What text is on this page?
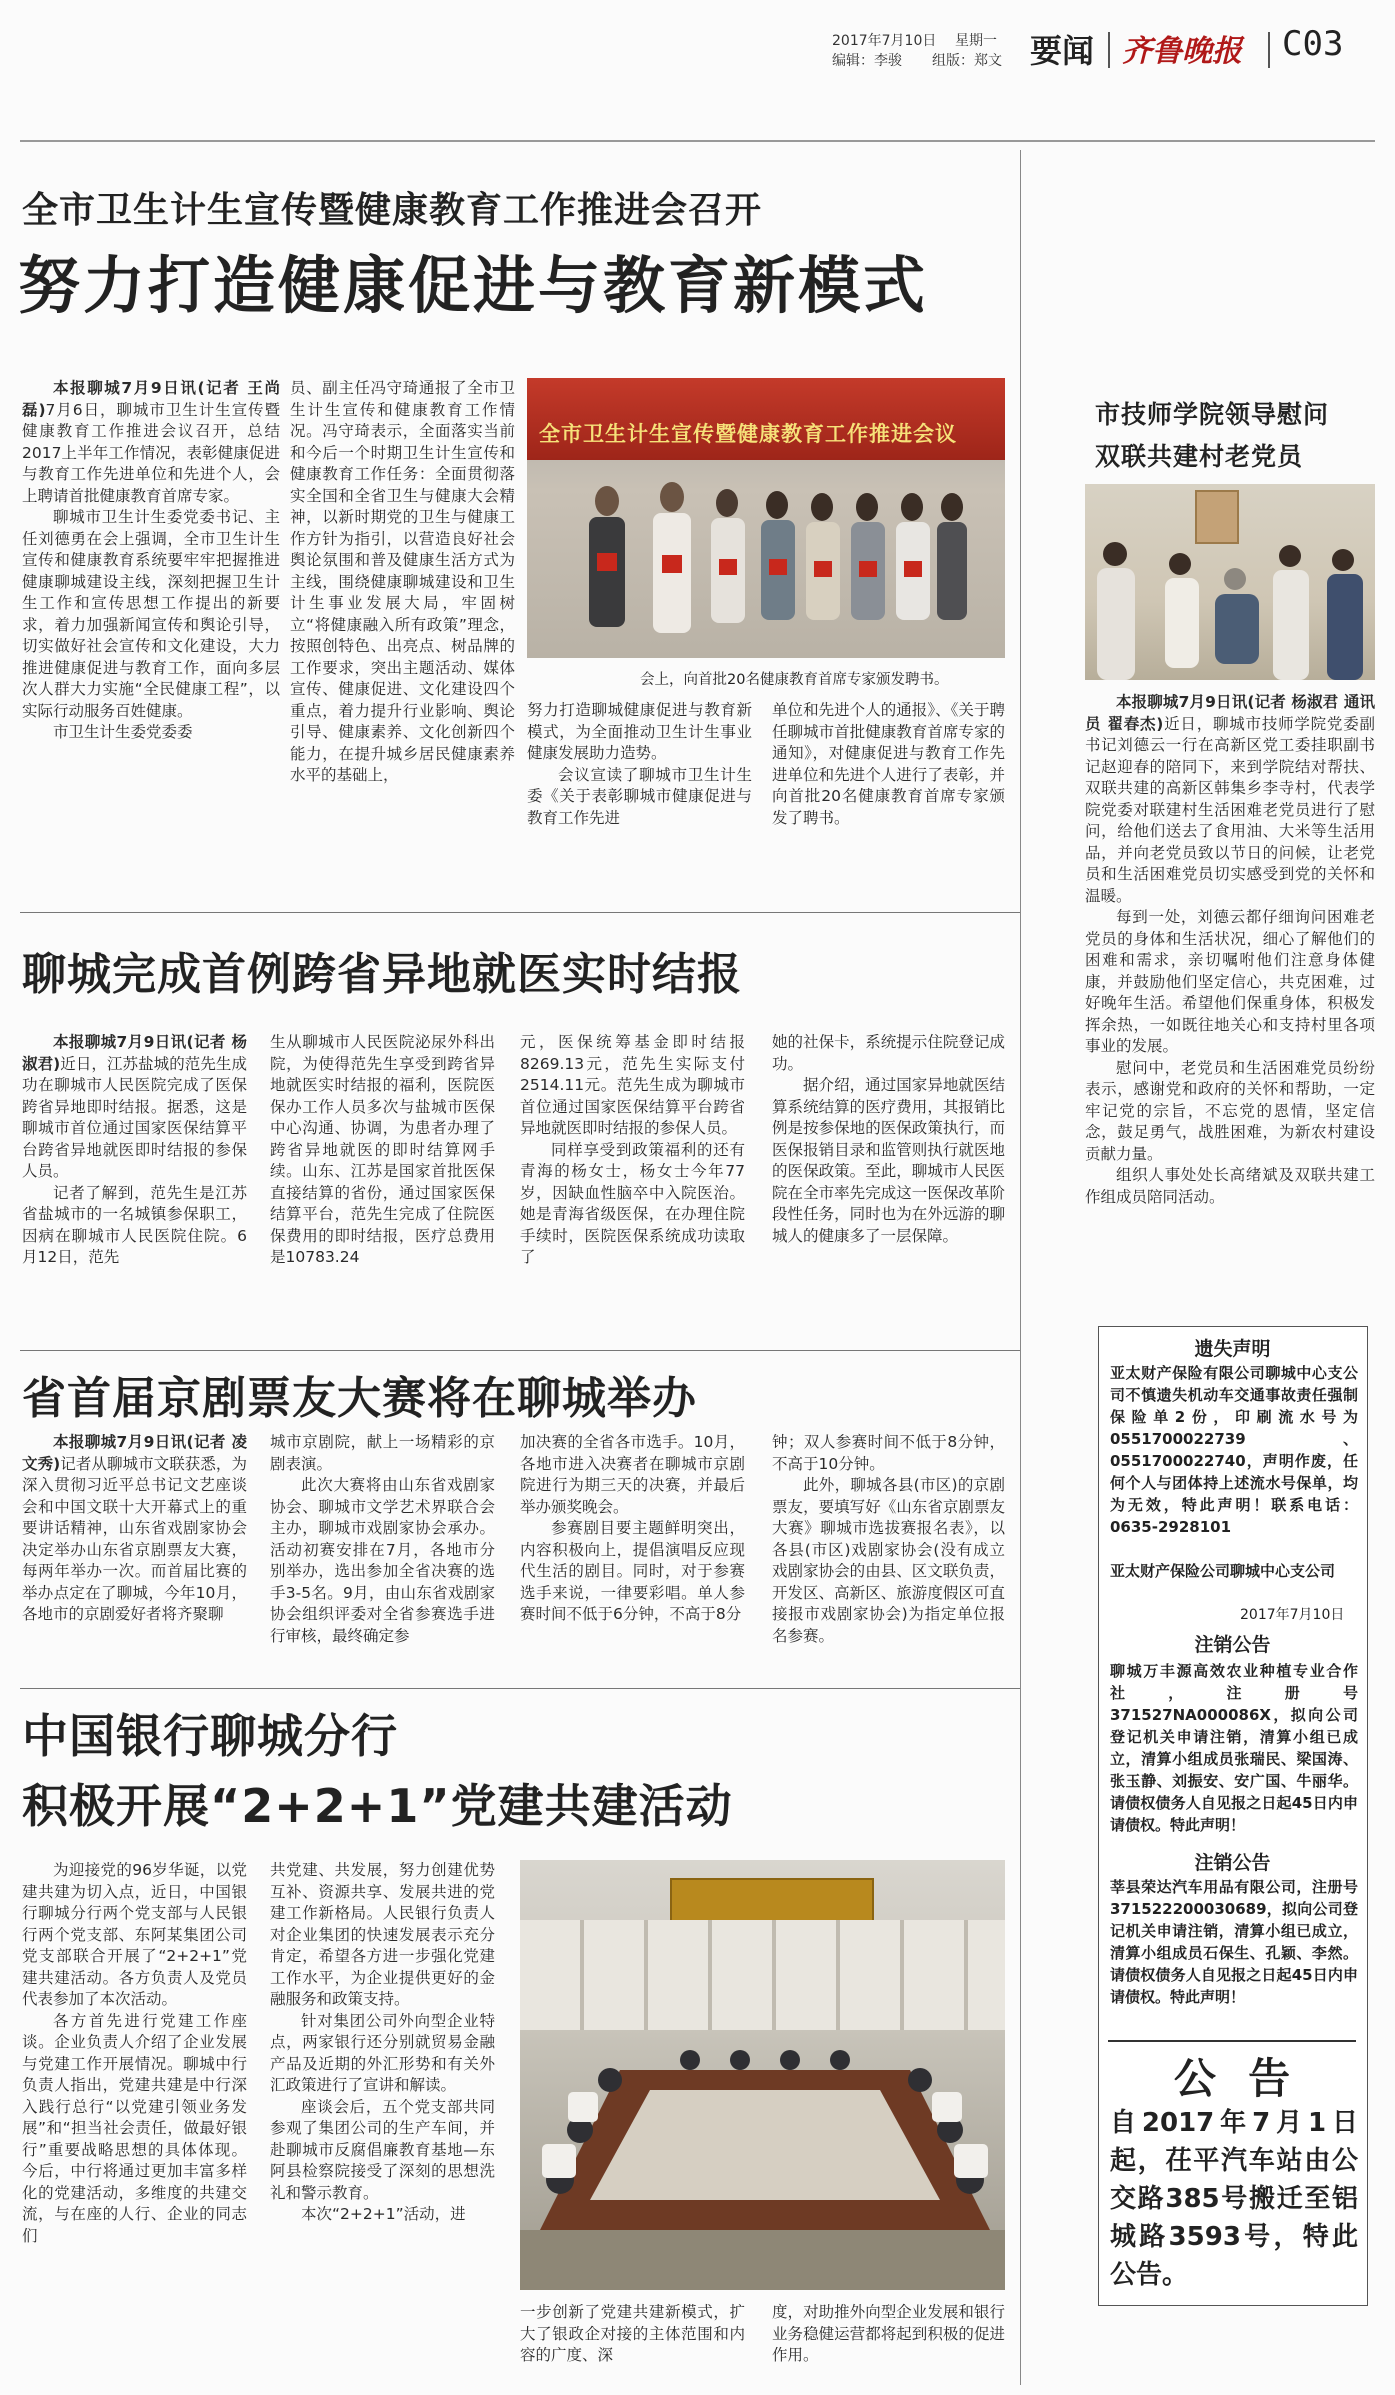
2017年7月10日 星期一
编辑：李骏 组版：郑文 要闻 齐鲁晚报 C03
全市卫生计生宣传暨健康教育工作推进会召开
努力打造健康促进与教育新模式

本报聊城7月9日讯(记者 王尚磊)7月6日，聊城市卫生计生宣传暨健康教育工作推进会议召开，总结2017上半年工作情况，表彰健康促进与教育工作先进单位和先进个人，会上聘请首批健康教育首席专家。

聊城市卫生计生委党委书记、主任刘德勇在会上强调，全市卫生计生宣传和健康教育系统要牢牢把握推进健康聊城建设主线，深刻把握卫生计生工作和宣传思想工作提出的新要求，着力加强新闻宣传和舆论引导，切实做好社会宣传和文化建设，大力推进健康促进与教育工作，面向多层次人群大力实施“全民健康工程”，以实际行动服务百姓健康。

市卫生计生委党委委

员、副主任冯守琦通报了全市卫生计生宣传和健康教育工作情况。冯守琦表示，全面落实当前和今后一个时期卫生计生宣传和健康教育工作任务：全面贯彻落实全国和全省卫生与健康大会精神，以新时期党的卫生与健康工作方针为指引，以营造良好社会舆论氛围和普及健康生活方式为主线，围绕健康聊城建设和卫生计生事业发展大局，牢固树立“将健康融入所有政策”理念，按照创特色、出亮点、树品牌的工作要求，突出主题活动、媒体宣传、健康促进、文化建设四个重点，着力提升行业影响、舆论引导、健康素养、文化创新四个能力，在提升城乡居民健康素养水平的基础上，

全市卫生计生宣传暨健康教育工作推进会议
会上，向首批20名健康教育首席专家颁发聘书。

努力打造聊城健康促进与教育新模式，为全面推动卫生计生事业健康发展助力造势。

会议宣读了聊城市卫生计生委《关于表彰聊城市健康促进与教育工作先进

单位和先进个人的通报》、《关于聘任聊城市首批健康教育首席专家的通知》，对健康促进与教育工作先进单位和先进个人进行了表彰，并向首批20名健康教育首席专家颁发了聘书。

聊城完成首例跨省异地就医实时结报

本报聊城7月9日讯(记者 杨淑君)近日，江苏盐城的范先生成功在聊城市人民医院完成了医保跨省异地即时结报。据悉，这是聊城市首位通过国家医保结算平台跨省异地就医即时结报的参保人员。

记者了解到，范先生是江苏省盐城市的一名城镇参保职工，因病在聊城市人民医院住院。6月12日，范先

生从聊城市人民医院泌尿外科出院，为使得范先生享受到跨省异地就医实时结报的福利，医院医保办工作人员多次与盐城市医保中心沟通、协调，为患者办理了跨省异地就医的即时结算网手续。山东、江苏是国家首批医保直接结算的省份，通过国家医保结算平台，范先生完成了住院医保费用的即时结报，医疗总费用是10783.24

元，医保统筹基金即时结报8269.13元，范先生实际支付2514.11元。范先生成为聊城市首位通过国家医保结算平台跨省异地就医即时结报的参保人员。

同样享受到政策福利的还有青海的杨女士，杨女士今年77岁，因缺血性脑卒中入院医治。她是青海省级医保，在办理住院手续时，医院医保系统成功读取了

她的社保卡，系统提示住院登记成功。

据介绍，通过国家异地就医结算系统结算的医疗费用，其报销比例是按参保地的医保政策执行，而医保报销目录和监管则执行就医地的医保政策。至此，聊城市人民医院在全市率先完成这一医保改革阶段性任务，同时也为在外远游的聊城人的健康多了一层保障。

省首届京剧票友大赛将在聊城举办

本报聊城7月9日讯(记者 凌文秀)记者从聊城市文联获悉，为深入贯彻习近平总书记文艺座谈会和中国文联十大开幕式上的重要讲话精神，山东省戏剧家协会决定举办山东省京剧票友大赛，每两年举办一次。而首届比赛的举办点定在了聊城，今年10月，各地市的京剧爱好者将齐聚聊

城市京剧院，献上一场精彩的京剧表演。

此次大赛将由山东省戏剧家协会、聊城市文学艺术界联合会主办，聊城市戏剧家协会承办。活动初赛安排在7月，各地市分别举办，选出参加全省决赛的选手3-5名。9月，由山东省戏剧家协会组织评委对全省参赛选手进行审核，最终确定参

加决赛的全省各市选手。10月，各地市进入决赛者在聊城市京剧院进行为期三天的决赛，并最后举办颁奖晚会。

参赛剧目要主题鲜明突出，内容积极向上，提倡演唱反应现代生活的剧目。同时，对于参赛选手来说，一律要彩唱。单人参赛时间不低于6分钟，不高于8分

钟；双人参赛时间不低于8分钟，不高于10分钟。

此外，聊城各县(市区)的京剧票友，要填写好《山东省京剧票友大赛》聊城市选拔赛报名表》，以各县(市区)戏剧家协会(没有成立戏剧家协会的由县、区文联负责，开发区、高新区、旅游度假区可直接报市戏剧家协会)为指定单位报名参赛。

中国银行聊城分行
积极开展“2+2+1”党建共建活动

为迎接党的96岁华诞，以党建共建为切入点，近日，中国银行聊城分行两个党支部与人民银行两个党支部、东阿某集团公司党支部联合开展了“2+2+1”党建共建活动。各方负责人及党员代表参加了本次活动。

各方首先进行党建工作座谈。企业负责人介绍了企业发展与党建工作开展情况。聊城中行负责人指出，党建共建是中行深入践行总行“以党建引领业务发展”和“担当社会责任，做最好银行”重要战略思想的具体体现。今后，中行将通过更加丰富多样化的党建活动，多维度的共建交流，与在座的人行、企业的同志们

共党建、共发展，努力创建优势互补、资源共享、发展共进的党建工作新格局。人民银行负责人对企业集团的快速发展表示充分肯定，希望各方进一步强化党建工作水平，为企业提供更好的金融服务和政策支持。

针对集团公司外向型企业特点，两家银行还分别就贸易金融产品及近期的外汇形势和有关外汇政策进行了宣讲和解读。

座谈会后，五个党支部共同参观了集团公司的生产车间，并赴聊城市反腐倡廉教育基地—东阿县检察院接受了深刻的思想洗礼和警示教育。

本次“2+2+1”活动，进

一步创新了党建共建新模式，扩大了银政企对接的主体范围和内容的广度、深

度，对助推外向型企业发展和银行业务稳健运营都将起到积极的促进作用。

市技师学院领导慰问
双联共建村老党员

本报聊城7月9日讯(记者 杨淑君 通讯员 翟春杰)近日，聊城市技师学院党委副书记刘德云一行在高新区党工委挂职副书记赵迎春的陪同下，来到学院结对帮扶、双联共建的高新区韩集乡李寺村，代表学院党委对联建村生活困难老党员进行了慰问，给他们送去了食用油、大米等生活用品，并向老党员致以节日的问候，让老党员和生活困难党员切实感受到党的关怀和温暖。

每到一处，刘德云都仔细询问困难老党员的身体和生活状况，细心了解他们的困难和需求，亲切嘱咐他们注意身体健康，并鼓励他们坚定信心，共克困难，过好晚年生活。希望他们保重身体，积极发挥余热，一如既往地关心和支持村里各项事业的发展。

慰问中，老党员和生活困难党员纷纷表示，感谢党和政府的关怀和帮助，一定牢记党的宗旨，不忘党的恩情，坚定信念，鼓足勇气，战胜困难，为新农村建设贡献力量。

组织人事处处长高绪斌及双联共建工作组成员陪同活动。

遗失声明
亚太财产保险有限公司聊城中心支公司不慎遗失机动车交通事故责任强制保险单2份，印刷流水号为0551700022739、0551700022740，声明作废，任何个人与团体持上述流水号保单，均为无效，特此声明！联系电话：0635-2928101
亚太财产保险公司聊城中心支公司
2017年7月10日
注销公告
聊城万丰源高效农业种植专业合作社，注册号371527NA000086X，拟向公司登记机关申请注销，清算小组已成立，清算小组成员张瑞民、梁国涛、张玉静、刘振安、安广国、牛丽华。请债权债务人自见报之日起45日内申请债权。特此声明！
注销公告
莘县荣达汽车用品有限公司，注册号371522200030689，拟向公司登记机关申请注销，清算小组已成立，清算小组成员石保生、孔颖、李然。请债权债务人自见报之日起45日内申请债权。特此声明！
公  告
自2017年7月1日起，茌平汽车站由公交路385号搬迁至铝城路3593号，特此公告。
